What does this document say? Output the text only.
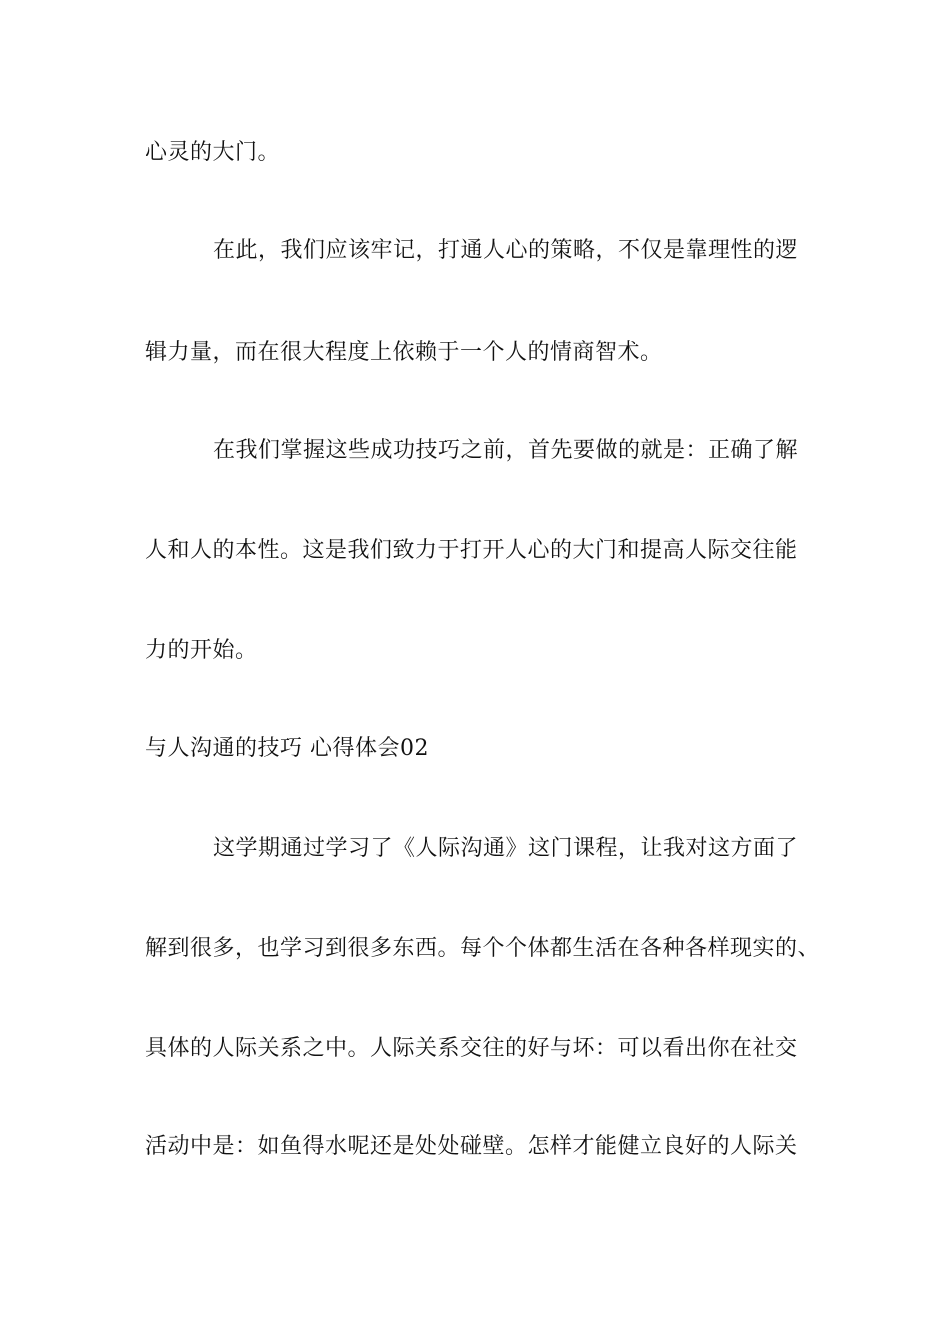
心灵的大门。
在此，我们应该牢记，打通人心的策略，不仅是靠理性的逻
辑力量，而在很大程度上依赖于一个人的情商智术。
在我们掌握这些成功技巧之前，首先要做的就是：正确了解
人和人的本性。这是我们致力于打开人心的大门和提高人际交往能
力的开始。
与人沟通的技巧 心得体会02
这学期通过学习了《人际沟通》这门课程，让我对这方面了
解到很多，也学习到很多东西。每个个体都生活在各种各样现实的、
具体的人际关系之中。人际关系交往的好与坏：可以看出你在社交
活动中是：如鱼得水呢还是处处碰壁。怎样才能健立良好的人际关
